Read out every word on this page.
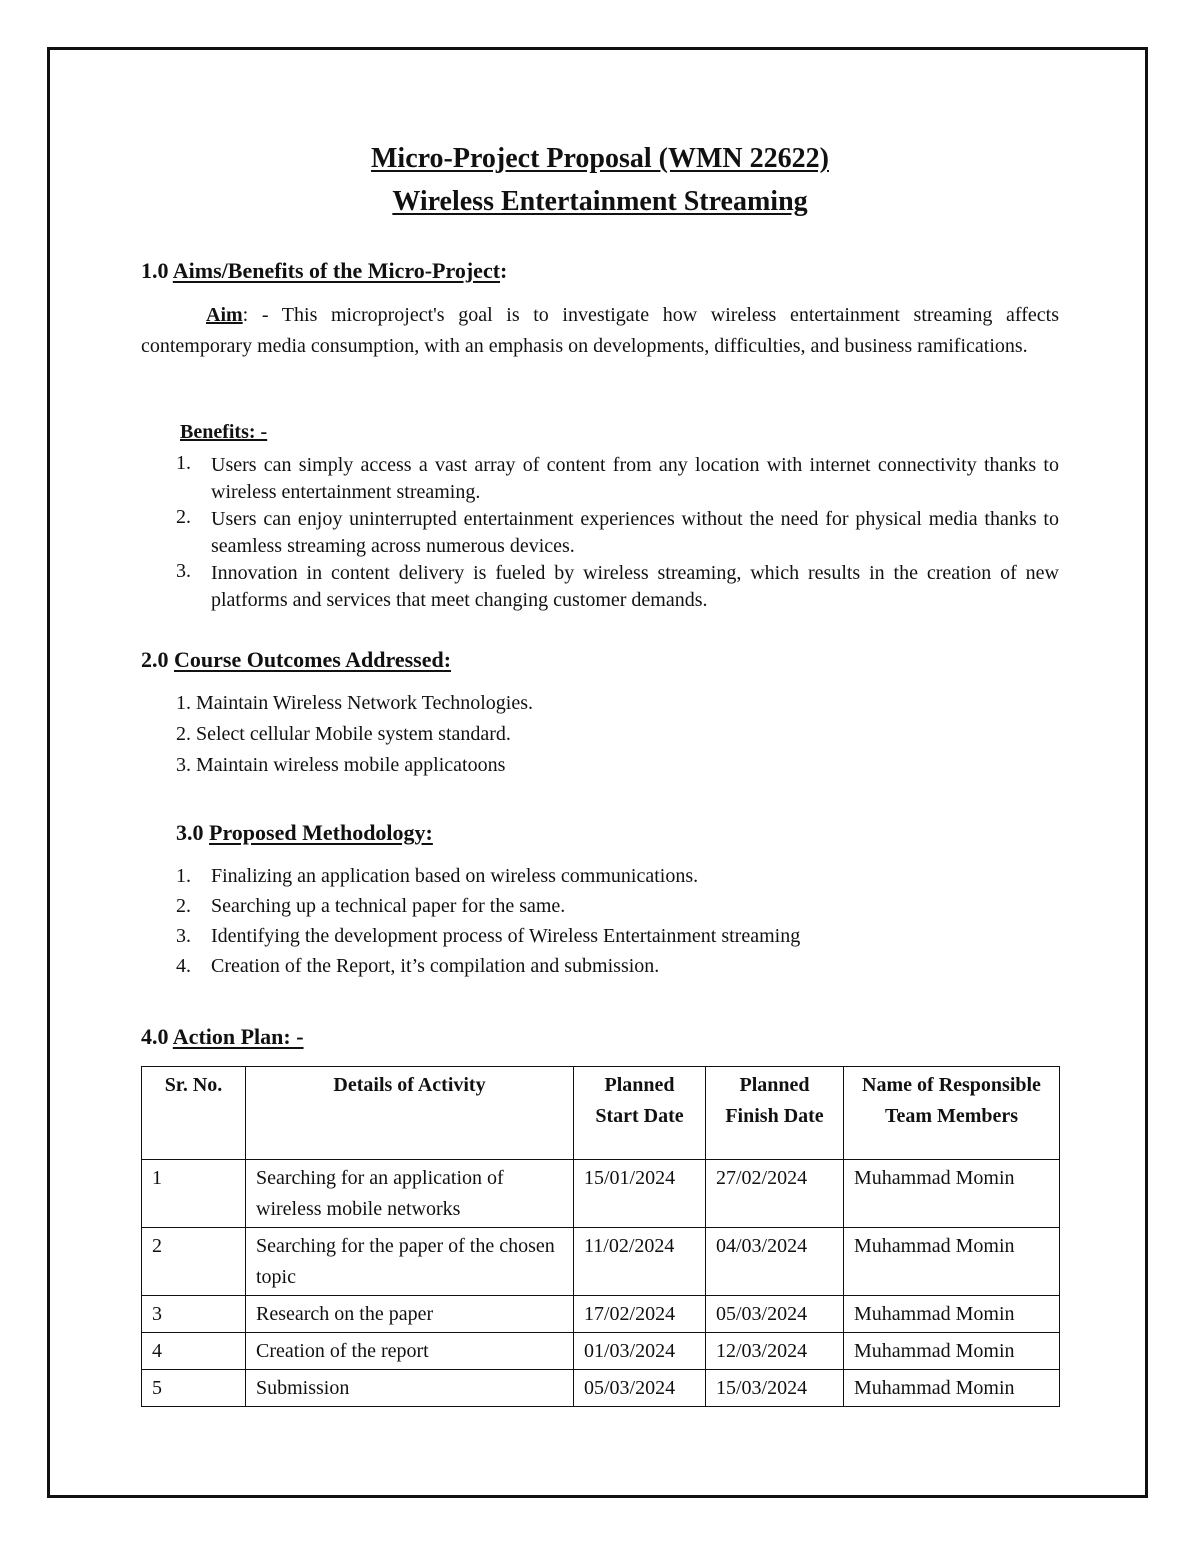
Micro-Project Proposal (WMN 22622)
Wireless Entertainment Streaming
1.0 Aims/Benefits of the Micro-Project:
Aim: - This microproject's goal is to investigate how wireless entertainment streaming affects contemporary media consumption, with an emphasis on developments, difficulties, and business ramifications.
Benefits: -
1. Users can simply access a vast array of content from any location with internet connectivity thanks to wireless entertainment streaming.
2. Users can enjoy uninterrupted entertainment experiences without the need for physical media thanks to seamless streaming across numerous devices.
3. Innovation in content delivery is fueled by wireless streaming, which results in the creation of new platforms and services that meet changing customer demands.
2.0 Course Outcomes Addressed:
1. Maintain Wireless Network Technologies.
2. Select cellular Mobile system standard.
3. Maintain wireless mobile applicatoons
3.0 Proposed Methodology:
1. Finalizing an application based on wireless communications.
2. Searching up a technical paper for the same.
3. Identifying the development process of Wireless Entertainment streaming
4. Creation of the Report, it’s compilation and submission.
4.0 Action Plan: -
Sr. No.	Details of Activity	Planned Start Date	Planned Finish Date	Name of Responsible Team Members
1	Searching for an application of wireless mobile networks	15/01/2024	27/02/2024	Muhammad Momin
2	Searching for the paper of the chosen topic	11/02/2024	04/03/2024	Muhammad Momin
3	Research on the paper	17/02/2024	05/03/2024	Muhammad Momin
4	Creation of the report	01/03/2024	12/03/2024	Muhammad Momin
5	Submission	05/03/2024	15/03/2024	Muhammad Momin
